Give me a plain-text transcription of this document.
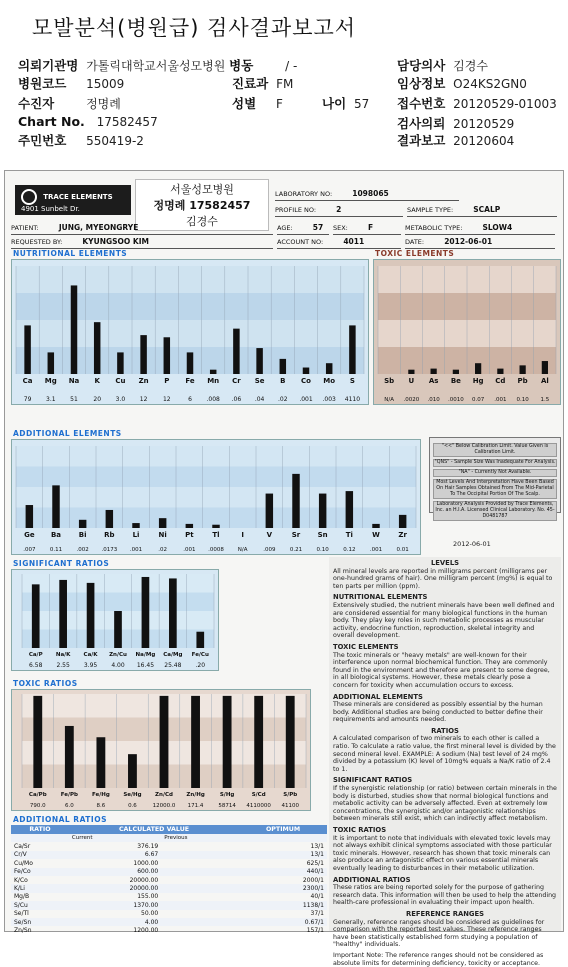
모발분석(병원급) 검사결과보고서
의뢰기관명 가톨릭대학교서울성모병원 병동	/ -	담당의사 김경수
병원코드 15009	진료과 FM	임상정보 O24KS2GN0
수진자	정명례	성별 F	나이 57 접수번호 20120529-01003
Chart No. 17582457	검사의뢰 20120529
주민번호 550419-2	결과보고 20120604
TRACE ELEMENTS
4901 Sunbelt Dr.
서울성모병원
정명례 17582457
김경수
LABORATORY NO:	1098065
PROFILE NO:	2	SAMPLE TYPE:	SCALP
PATIENT:	JUNG, MYEONGRYE	AGE:	57	SEX:	F	METABOLIC TYPE:	SLOW4
REQUESTED BY:	KYUNGSOO KIM	ACCOUNT NO:	4011	DATE:	2012-06-01
NUTRITIONAL ELEMENTS
Ca
79
Mg
3.1
Na
51
K
20
Cu
3.0
Zn
12
P
12
Fe
6
Mn
.008
Cr
.06
Se
.04
B
.02
Co
.001
Mo
.003
S
4110
TOXIC ELEMENTS
Sb
N/A
U
.0020
As
.010
Be
.0010
Hg
0.07
Cd
.001
Pb
0.10
Al
1.5
ADDITIONAL ELEMENTS
Ge
.007
Ba
0.11
Bi
.002
Rb
.0173
Li
.001
Ni
.02
Pt
.001
Tl
.0008
I
N/A
V
.009
Sr
0.21
Sn
0.10
Ti
0.12
W
.001
Zr
0.01
"<<" Below Calibration Limit. Value Given is Calibration Limit.
"QNS" - Sample Size Was Inadequate For Analysis.
"NA" - Currently Not Available.
Most Levels And Interpretation Have Been Based On Hair Samples Obtained From The Mid-Parietal To The Occipital Portion Of The Scalp.
Laboratory Analysis Provided by Trace Elements, Inc. an H.I.A. Licensed Clinical Laboratory. No. 45-D0481787
2012-06-01
SIGNIFICANT RATIOS
Ca/P
6.58
Na/K
2.55
Ca/K
3.95
Zn/Cu
4.00
Na/Mg
16.45
Ca/Mg
25.48
Fe/Cu
.20
TOXIC RATIOS
Ca/Pb
790.0
Fe/Pb
6.0
Fe/Hg
8.6
Se/Hg
0.6
Zn/Cd
12000.0
Zn/Hg
171.4
S/Hg
58714
S/Cd
4110000
S/Pb
41100
ADDITIONAL RATIOS
RATIO	CALCULATED VALUE		OPTIMUM
	Current	Previous	
Ca/Sr	376.19		13/1
Cr/V	6.67		13/1
Cu/Mo	1000.00		625/1
Fe/Co	600.00		440/1
K/Co	20000.00		2000/1
K/Li	20000.00		2300/1
Mg/B	155.00		40/1
S/Cu	1370.00		1138/1
Se/Tl	50.00		37/1
Se/Sn	4.00		0.67/1
Zn/Sn	1200.00		157/1
LEVELS

All mineral levels are reported in milligrams percent (milligrams per one-hundred grams of hair). One milligram percent (mg%) is equal to ten parts per million (ppm).

NUTRITIONAL ELEMENTS

Extensively studied, the nutrient minerals have been well defined and are considered essential for many biological functions in the human body. They play key roles in such metabolic processes as muscular activity, endocrine function, reproduction, skeletal integrity and overall development.

TOXIC ELEMENTS

The toxic minerals or "heavy metals" are well-known for their interference upon normal biochemical function. They are commonly found in the environment and therefore are present to some degree, in all biological systems. However, these metals clearly pose a concern for toxicity when accumulation occurs to excess.

ADDITIONAL ELEMENTS

These minerals are considered as possibly essential by the human body. Additional studies are being conducted to better define their requirements and amounts needed.

RATIOS

A calculated comparison of two minerals to each other is called a ratio. To calculate a ratio value, the first mineral level is divided by the second mineral level. EXAMPLE: A sodium (Na) test level of 24 mg% divided by a potassium (K) level of 10mg% equals a Na/K ratio of 2.4 to 1.

SIGNIFICANT RATIOS

If the synergistic relationship (or ratio) between certain minerals in the body is disturbed, studies show that normal biological functions and metabolic activity can be adversely affected. Even at extremely low concentrations, the synergistic and/or antagonistic relationships between minerals still exist, which can indirectly affect metabolism.

TOXIC RATIOS

It is important to note that individuals with elevated toxic levels may not always exhibit clinical symptoms associated with those particular toxic minerals. However, research has shown that toxic minerals can also produce an antagonistic effect on various essential minerals eventually leading to disturbances in their metabolic utilization.

ADDITIONAL RATIOS

These ratios are being reported solely for the purpose of gathering research data. This information will then be used to help the attending health-care professional in evaluating their impact upon health.

REFERENCE RANGES

Generally, reference ranges should be considered as guidelines for comparison with the reported test values. These reference ranges have been statistically established form studying a population of "healthy" individuals.

Important Note: The reference ranges should not be considered as absolute limits for determining deficiency, toxicity or acceptance.
